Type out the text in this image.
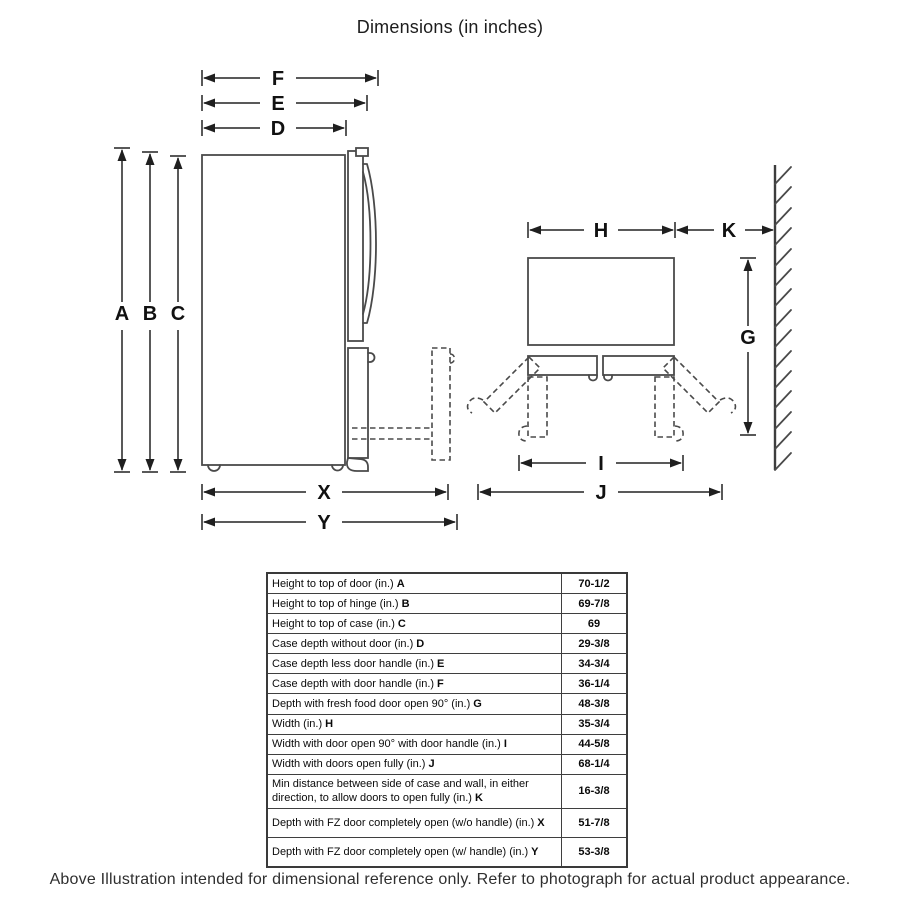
Dimensions (in inches)
F
E
D
A B C
X
Y
H	K
G
I
J
Height to top of door (in.) A	70-1/2
Height to top of hinge (in.) B	69-7/8
Height to top of case (in.) C	69
Case depth without door (in.) D	29-3/8
Case depth less door handle (in.) E	34-3/4
Case depth with door handle (in.) F	36-1/4
Depth with fresh food door open 90° (in.) G	48-3/8
Width (in.) H	35-3/4
Width with door open 90° with door handle (in.) I	44-5/8
Width with doors open fully (in.) J	68-1/4
Min distance between side of case and wall, in either direction, to allow doors to open fully (in.) K	16-3/8
Depth with FZ door completely open (w/o handle) (in.) X	51-7/8
Depth with FZ door completely open (w/ handle) (in.) Y	53-3/8
Above Illustration intended for dimensional reference only. Refer to photograph for actual product appearance.
